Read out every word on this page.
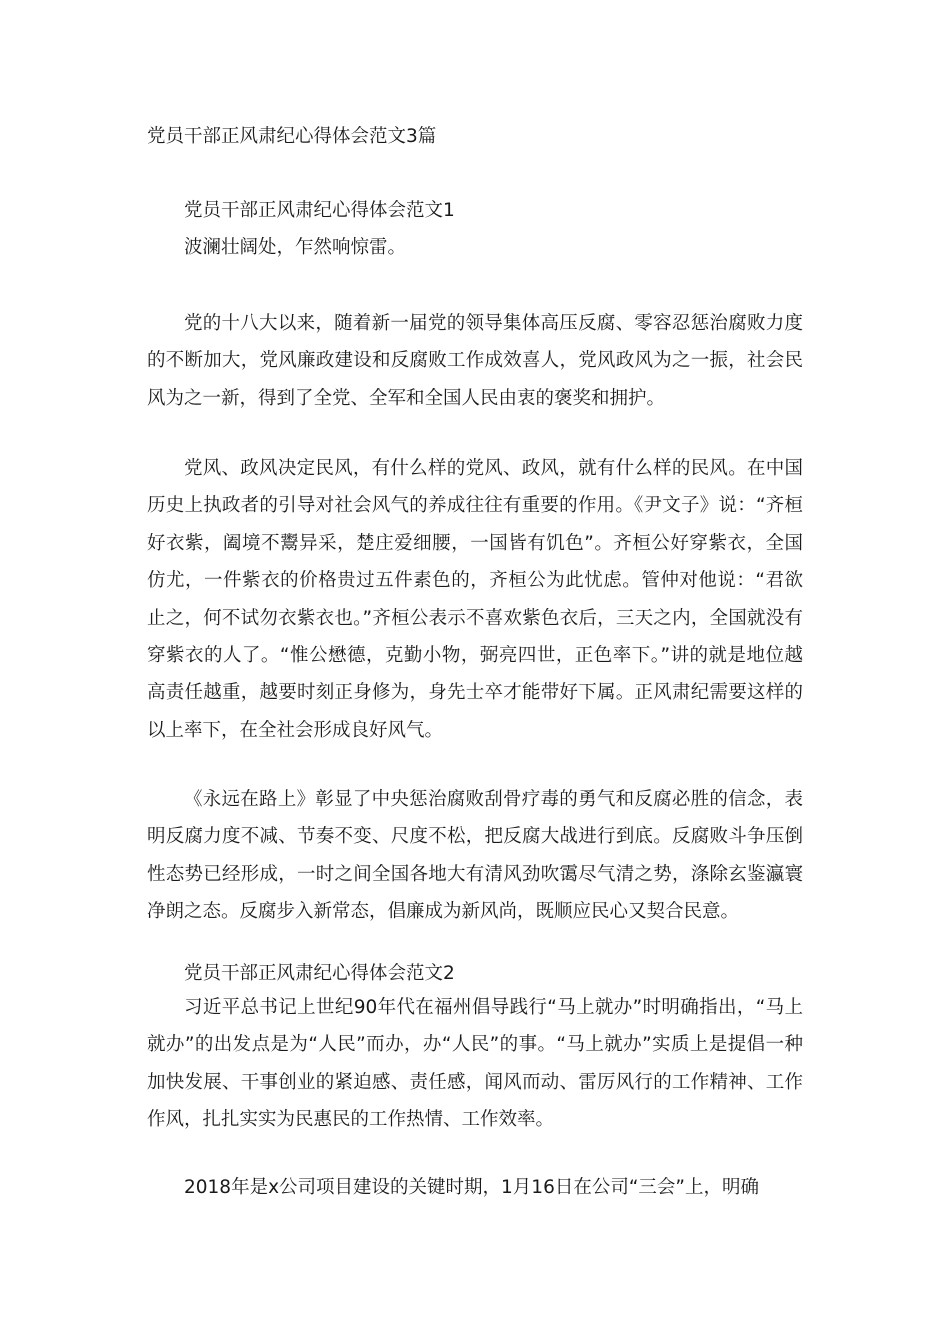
党员干部正风肃纪心得体会范文3篇
党员干部正风肃纪心得体会范文1
波澜壮阔处，乍然响惊雷。
党的十八大以来，随着新一届党的领导集体高压反腐、零容忍惩治腐败力度的不断加大，党风廉政建设和反腐败工作成效喜人，党风政风为之一振，社会民风为之一新，得到了全党、全军和全国人民由衷的褒奖和拥护。
党风、政风决定民风，有什么样的党风、政风，就有什么样的民风。在中国历史上执政者的引导对社会风气的养成往往有重要的作用。《尹文子》说：“齐桓好衣紫，阖境不鬻异采，楚庄爱细腰，一国皆有饥色”。齐桓公好穿紫衣，全国仿尤，一件紫衣的价格贵过五件素色的，齐桓公为此忧虑。管仲对他说：“君欲止之，何不试勿衣紫衣也。”齐桓公表示不喜欢紫色衣后，三天之内，全国就没有穿紫衣的人了。“惟公懋德，克勤小物，弼亮四世，正色率下。”讲的就是地位越高责任越重，越要时刻正身修为，身先士卒才能带好下属。正风肃纪需要这样的以上率下，在全社会形成良好风气。
《永远在路上》彰显了中央惩治腐败刮骨疗毒的勇气和反腐必胜的信念，表明反腐力度不减、节奏不变、尺度不松，把反腐大战进行到底。反腐败斗争压倒性态势已经形成，一时之间全国各地大有清风劲吹霭尽气清之势，涤除玄鉴瀛寰净朗之态。反腐步入新常态，倡廉成为新风尚，既顺应民心又契合民意。
党员干部正风肃纪心得体会范文2
习近平总书记上世纪90年代在福州倡导践行“马上就办”时明确指出，“马上就办”的出发点是为“人民”而办，办“人民”的事。“马上就办”实质上是提倡一种加快发展、干事创业的紧迫感、责任感，闻风而动、雷厉风行的工作精神、工作作风，扎扎实实为民惠民的工作热情、工作效率。
2018年是x公司项目建设的关键时期，1月16日在公司“三会”上，明确
